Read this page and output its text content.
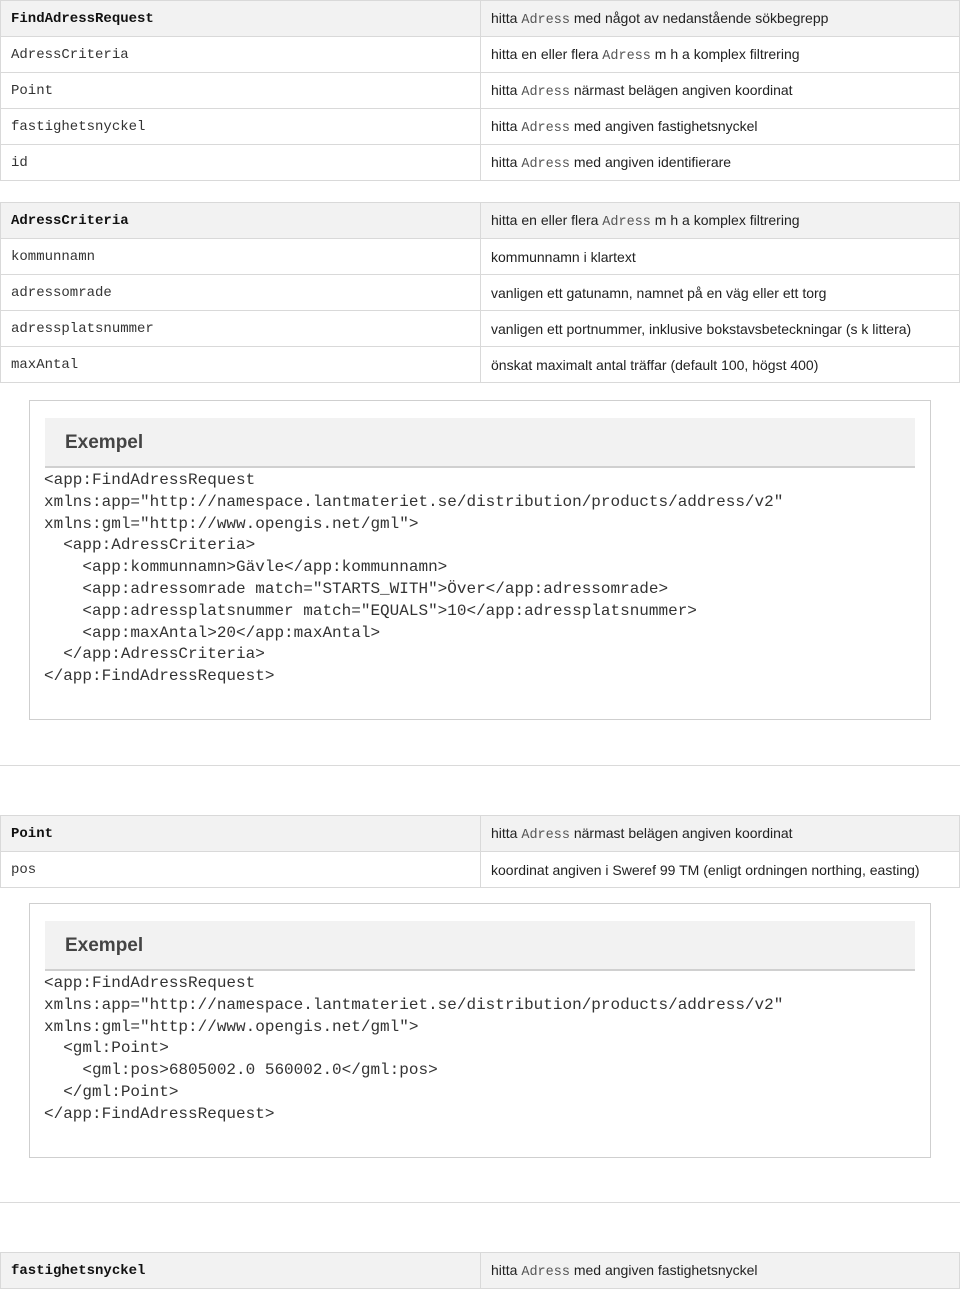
FindAdressRequest	hitta Adress med något av nedanstående sökbegrepp
AdressCriteria	hitta en eller flera Adress m h a komplex filtrering
Point	hitta Adress närmast belägen angiven koordinat
fastighetsnyckel	hitta Adress med angiven fastighetsnyckel
id	hitta Adress med angiven identifierare
AdressCriteria	hitta en eller flera Adress m h a komplex filtrering
kommunnamn	kommunnamn i klartext
adressomrade	vanligen ett gatunamn, namnet på en väg eller ett torg
adressplatsnummer	vanligen ett portnummer, inklusive bokstavsbeteckningar (s k littera)
maxAntal	önskat maximalt antal träffar (default 100, högst 400)
Exempel
<app:FindAdressRequest
xmlns:app="http://namespace.lantmateriet.se/distribution/products/address/v2"
xmlns:gml="http://www.opengis.net/gml">
<app:AdressCriteria>
<app:kommunnamn>Gävle</app:kommunnamn>
<app:adressomrade match="STARTS_WITH">Över</app:adressomrade>
<app:adressplatsnummer match="EQUALS">10</app:adressplatsnummer>
<app:maxAntal>20</app:maxAntal>
</app:AdressCriteria>
</app:FindAdressRequest>
Point	hitta Adress närmast belägen angiven koordinat
pos	koordinat angiven i Sweref 99 TM (enligt ordningen northing, easting)
Exempel
<app:FindAdressRequest
xmlns:app="http://namespace.lantmateriet.se/distribution/products/address/v2"
xmlns:gml="http://www.opengis.net/gml">
<gml:Point>
<gml:pos>6805002.0 560002.0</gml:pos>
</gml:Point>
</app:FindAdressRequest>
fastighetsnyckel	hitta Adress med angiven fastighetsnyckel
